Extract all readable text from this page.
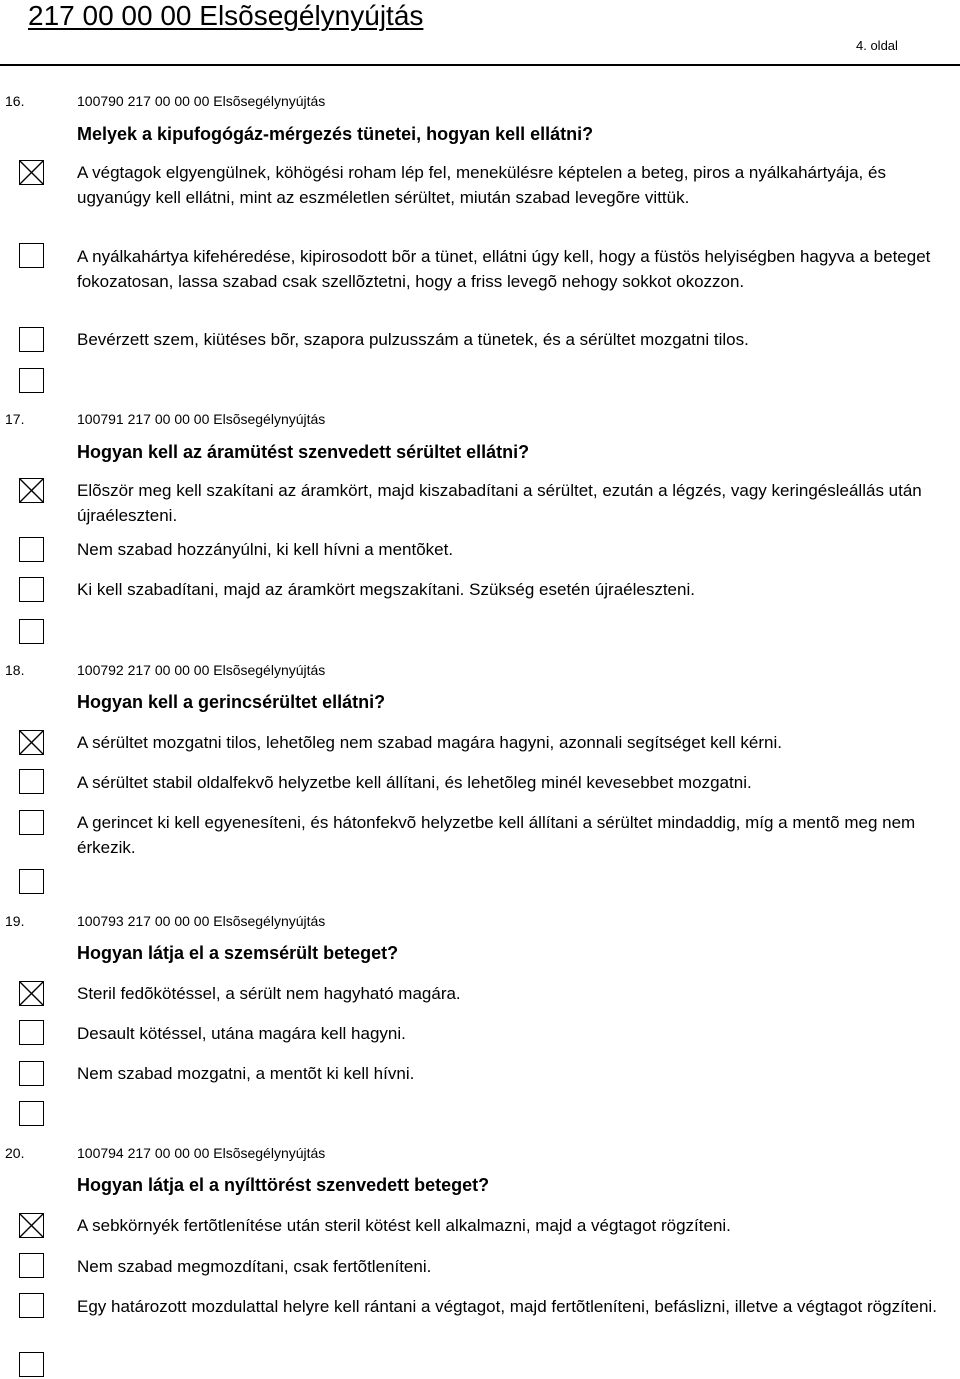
217 00 00 00 Elsõsegélynyújtás
4. oldal
16.	100790 217 00 00 00 Elsõsegélynyújtás
Melyek a kipufogógáz-mérgezés tünetei, hogyan kell ellátni?
A végtagok elgyengülnek, köhögési roham lép fel, menekülésre képtelen a beteg, piros a nyálkahártyája, és ugyanúgy kell ellátni, mint az eszméletlen sérültet, miután szabad levegõre vittük.
A nyálkahártya kifehéredése, kipirosodott bõr a tünet, ellátni úgy kell, hogy a füstös helyiségben hagyva a beteget fokozatosan, lassa szabad csak szellõztetni, hogy a friss levegõ nehogy sokkot okozzon.
Bevérzett szem, kiütéses bõr, szapora pulzusszám a tünetek, és a sérültet mozgatni tilos.
17.	100791 217 00 00 00 Elsõsegélynyújtás
Hogyan kell az áramütést szenvedett sérültet ellátni?
Elõször meg kell szakítani az áramkört, majd kiszabadítani a sérültet, ezután a légzés, vagy keringésleállás után újraéleszteni.
Nem szabad hozzányúlni, ki kell hívni a mentõket.
Ki kell szabadítani, majd az áramkört megszakítani. Szükség esetén újraéleszteni.
18.	100792 217 00 00 00 Elsõsegélynyújtás
Hogyan kell a gerincsérültet ellátni?
A sérültet mozgatni tilos, lehetõleg nem szabad magára hagyni, azonnali segítséget kell kérni.
A sérültet stabil oldalfekvõ helyzetbe kell állítani, és lehetõleg minél kevesebbet mozgatni.
A gerincet ki kell egyenesíteni, és hátonfekvõ helyzetbe kell állítani a sérültet mindaddig, míg a mentõ meg nem érkezik.
19.	100793 217 00 00 00 Elsõsegélynyújtás
Hogyan látja el a szemsérült beteget?
Steril fedõkötéssel, a sérült nem hagyható magára.
Desault kötéssel, utána magára kell hagyni.
Nem szabad mozgatni, a mentõt ki kell hívni.
20.	100794 217 00 00 00 Elsõsegélynyújtás
Hogyan látja el a nyílttörést szenvedett beteget?
A sebkörnyék fertõtlenítése után steril kötést kell alkalmazni, majd a végtagot rögzíteni.
Nem szabad megmozdítani, csak fertõtleníteni.
Egy határozott mozdulattal helyre kell rántani a végtagot, majd fertõtleníteni, befáslizni, illetve a végtagot rögzíteni.
